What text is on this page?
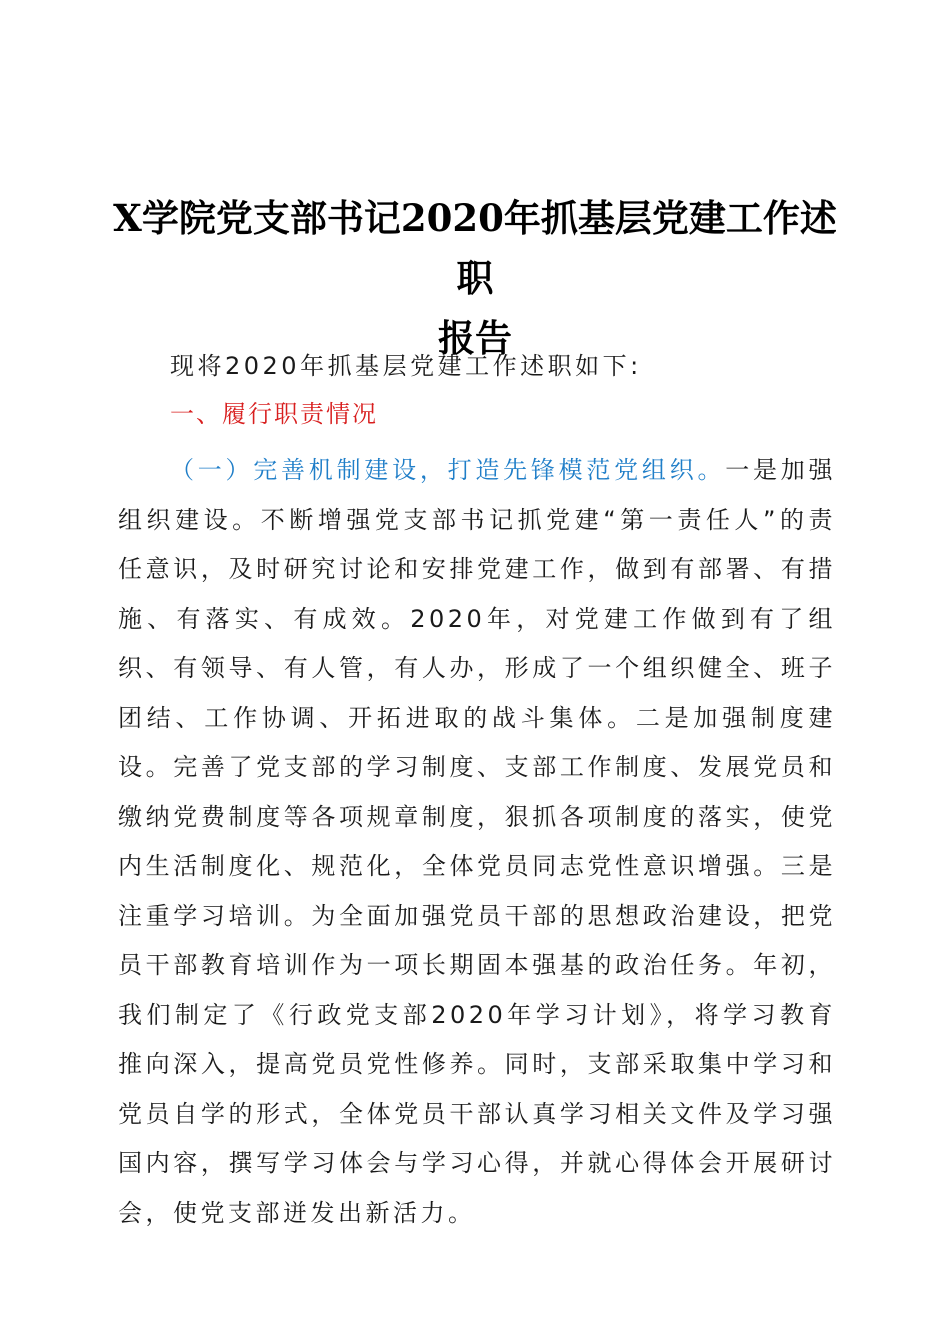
X学院党支部书记2020年抓基层党建工作述职
报告

现将2020年抓基层党建工作述职如下:

一、履行职责情况

（一）完善机制建设，打造先锋模范党组织。一是加强组织建设。不断增强党支部书记抓党建“第一责任人”的责任意识，及时研究讨论和安排党建工作，做到有部署、有措施、有落实、有成效。2020年，对党建工作做到有了组织、有领导、有人管，有人办，形成了一个组织健全、班子团结、工作协调、开拓进取的战斗集体。二是加强制度建设。完善了党支部的学习制度、支部工作制度、发展党员和缴纳党费制度等各项规章制度，狠抓各项制度的落实，使党内生活制度化、规范化，全体党员同志党性意识增强。三是注重学习培训。为全面加强党员干部的思想政治建设，把党员干部教育培训作为一项长期固本强基的政治任务。年初，我们制定了《行政党支部2020年学习计划》，将学习教育推向深入，提高党员党性修养。同时，支部采取集中学习和党员自学的形式，全体党员干部认真学习相关文件及学习强国内容，撰写学习体会与学习心得，并就心得体会开展研讨会，使党支部迸发出新活力。
